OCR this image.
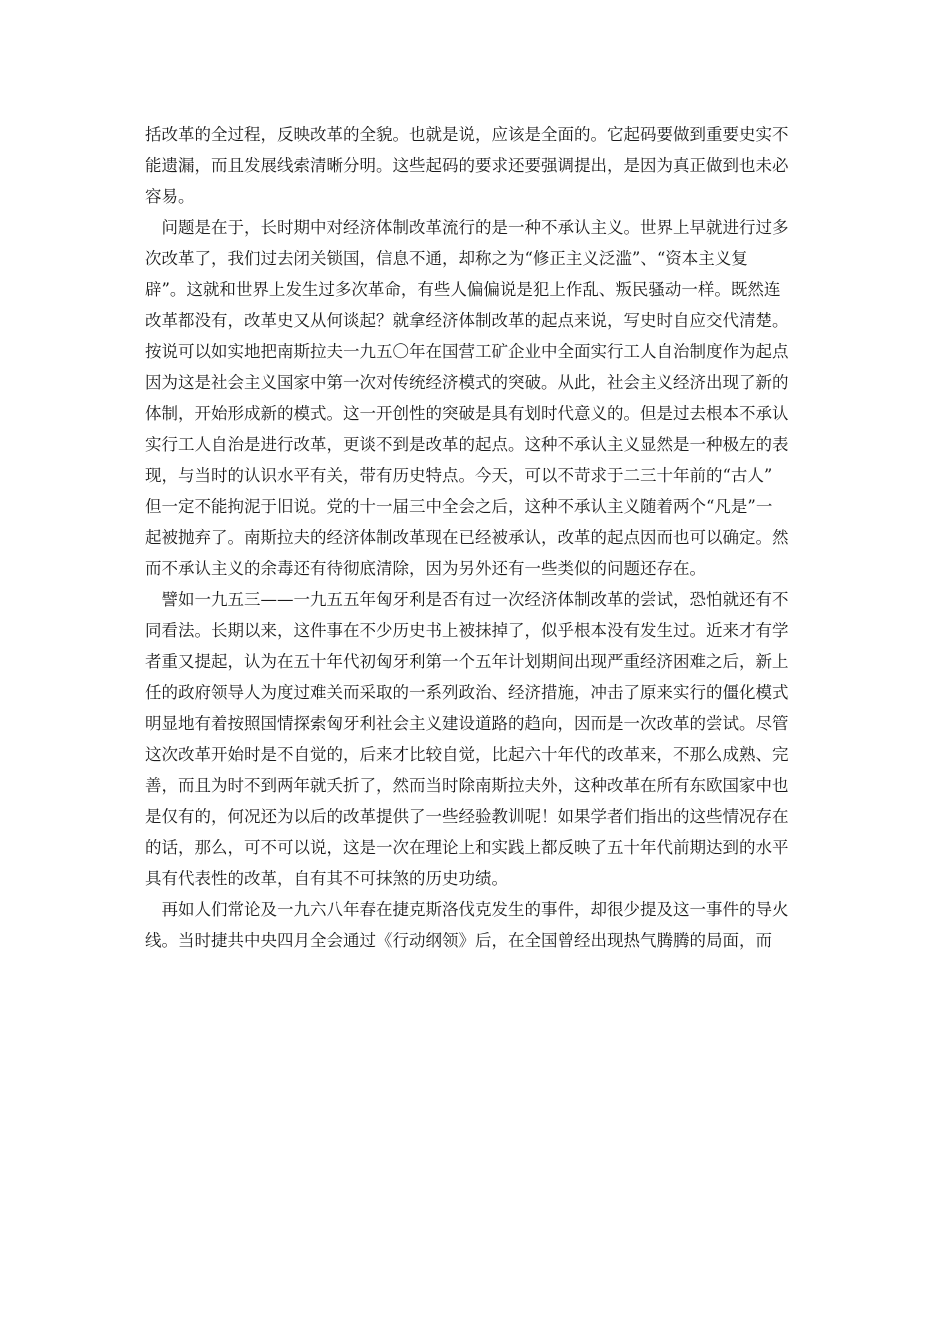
括改革的全过程，反映改革的全貌。也就是说，应该是全面的。它起码要做到重要史实不
能遗漏，而且发展线索清晰分明。这些起码的要求还要强调提出，是因为真正做到也未必
容易。
　问题是在于，长时期中对经济体制改革流行的是一种不承认主义。世界上早就进行过多
次改革了，我们过去闭关锁国，信息不通，却称之为“修正主义泛滥”、“资本主义复
辟”。这就和世界上发生过多次革命，有些人偏偏说是犯上作乱、叛民骚动一样。既然连
改革都没有，改革史又从何谈起？就拿经济体制改革的起点来说，写史时自应交代清楚。
按说可以如实地把南斯拉夫一九五〇年在国营工矿企业中全面实行工人自治制度作为起点
因为这是社会主义国家中第一次对传统经济模式的突破。从此，社会主义经济出现了新的
体制，开始形成新的模式。这一开创性的突破是具有划时代意义的。但是过去根本不承认
实行工人自治是进行改革，更谈不到是改革的起点。这种不承认主义显然是一种极左的表
现，与当时的认识水平有关，带有历史特点。今天，可以不苛求于二三十年前的“古人”
但一定不能拘泥于旧说。党的十一届三中全会之后，这种不承认主义随着两个“凡是”一
起被抛弃了。南斯拉夫的经济体制改革现在已经被承认，改革的起点因而也可以确定。然
而不承认主义的余毒还有待彻底清除，因为另外还有一些类似的问题还存在。
　譬如一九五三——一九五五年匈牙利是否有过一次经济体制改革的尝试，恐怕就还有不
同看法。长期以来，这件事在不少历史书上被抹掉了，似乎根本没有发生过。近来才有学
者重又提起，认为在五十年代初匈牙利第一个五年计划期间出现严重经济困难之后，新上
任的政府领导人为度过难关而采取的一系列政治、经济措施，冲击了原来实行的僵化模式
明显地有着按照国情探索匈牙利社会主义建设道路的趋向，因而是一次改革的尝试。尽管
这次改革开始时是不自觉的，后来才比较自觉，比起六十年代的改革来，不那么成熟、完
善，而且为时不到两年就夭折了，然而当时除南斯拉夫外，这种改革在所有东欧国家中也
是仅有的，何况还为以后的改革提供了一些经验教训呢！如果学者们指出的这些情况存在
的话，那么，可不可以说，这是一次在理论上和实践上都反映了五十年代前期达到的水平
具有代表性的改革，自有其不可抹煞的历史功绩。
　再如人们常论及一九六八年春在捷克斯洛伐克发生的事件，却很少提及这一事件的导火
线。当时捷共中央四月全会通过《行动纲领》后，在全国曾经出现热气腾腾的局面，而
